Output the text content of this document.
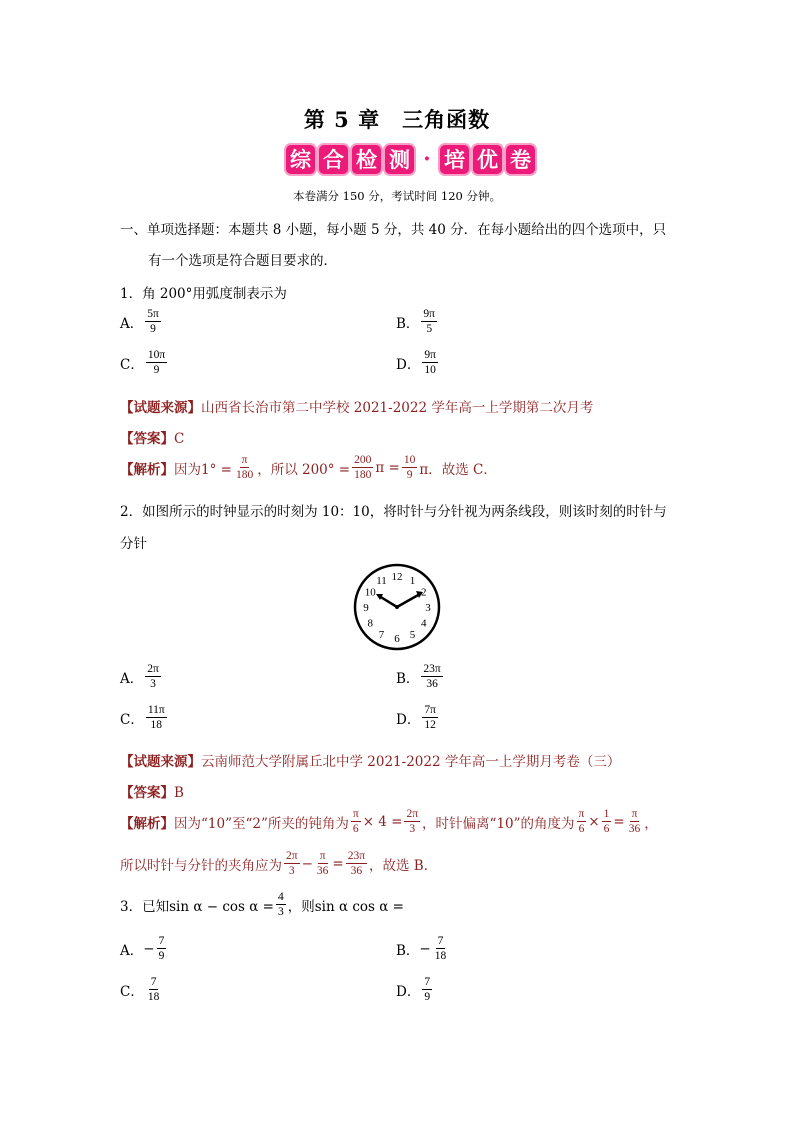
第 5 章 三角函数
综 合 检 测 · 培 优 卷
本卷满分 150 分，考试时间 120 分钟。
一、单项选择题：本题共 8 小题，每小题 5 分，共 40 分．在每小题给出的四个选项中，只
有一个选项是符合题目要求的．
1．角 200°用弧度制表示为
A． $\frac{5\pi}{9}$	B． $\frac{9\pi}{5}$
C． $\frac{10\pi}{9}$	D． $\frac{9\pi}{10}$
【试题来源】山西省长治市第二中学校 2021-2022 学年高一上学期第二次月考
【答案】C
【解析】 因为$1^\circ = \frac{\pi}{180}$ ，所以 $200^\circ = \frac{200}{180}$ $\pi = \frac{10}{9}$ π．故选 C．
2．如图所示的时钟显示的时刻为 10：10，将时针与分针视为两条线段，则该时刻的时针与
分针
12 1
2
3
4
5
6
7
8
9
10
11
A． $\frac{2\pi}{3}$	B． $\frac{23\pi}{36}$
C． $\frac{11\pi}{18}$	D． $\frac{7\pi}{12}$
【试题来源】云南师范大学附属丘北中学 2021-2022 学年高一上学期月考卷（三）
【答案】B
【解析】 因为“10”至“2”所夹的钝角为 $\frac{\pi}{6} \times 4 = \frac{2\pi}{3}$ ，时针偏离“10”的角度为 $\frac{\pi}{6} \times \frac{1}{6} = \frac{\pi}{36}$ ，
所以时针与分针的夹角应为 $\frac{2\pi}{3} - \frac{\pi}{36} = \frac{23\pi}{36}$ ，故选 B．
3．已知$\sin \alpha - \cos \alpha = \frac{4}{3}$ ，则sin α cos α =
A． − $\frac{7}{9}$	B． − $\frac{7}{18}$
C． $\frac{7}{18}$	D． $\frac{7}{9}$
